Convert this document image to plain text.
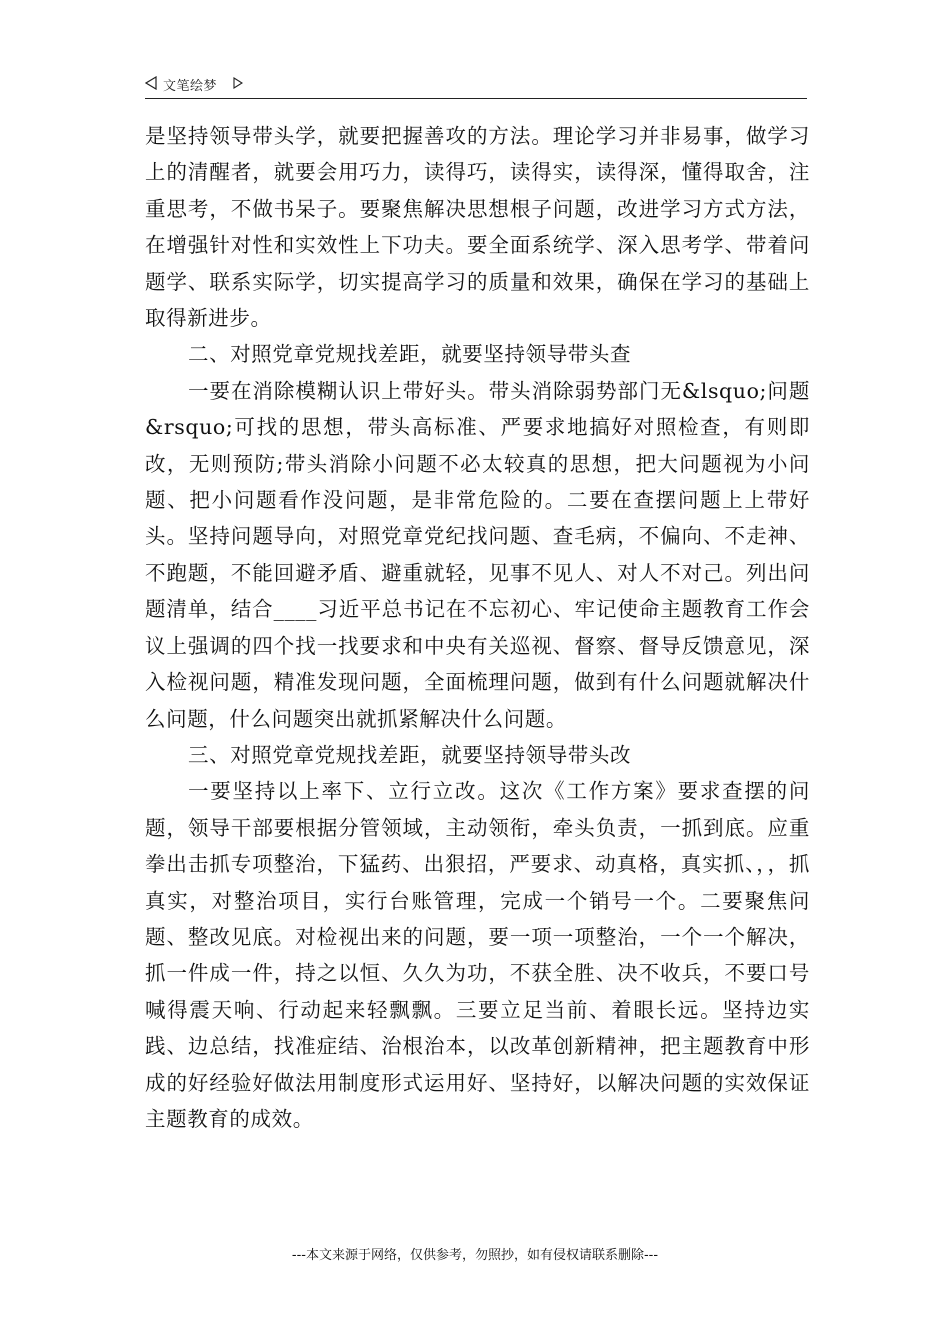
文笔绘梦

是坚持领导带头学，就要把握善攻的方法。理论学习并非易事，做学习上的清醒者，就要会用巧力，读得巧，读得实，读得深，懂得取舍，注重思考，不做书呆子。要聚焦解决思想根子问题，改进学习方式方法，在增强针对性和实效性上下功夫。要全面系统学、深入思考学、带着问题学、联系实际学，切实提高学习的质量和效果，确保在学习的基础上取得新进步。

二、对照党章党规找差距，就要坚持领导带头查

一要在消除模糊认识上带好头。带头消除弱势部门无&lsquo;问题&rsquo;可找的思想，带头高标准、严要求地搞好对照检查，有则即改，无则预防;带头消除小问题不必太较真的思想，把大问题视为小问题、把小问题看作没问题，是非常危险的。二要在查摆问题上上带好头。坚持问题导向，对照党章党纪找问题、查毛病，不偏向、不走神、不跑题，不能回避矛盾、避重就轻，见事不见人、对人不对己。列出问题清单，结合____习近平总书记在不忘初心、牢记使命主题教育工作会议上强调的四个找一找要求和中央有关巡视、督察、督导反馈意见，深入检视问题，精准发现问题，全面梳理问题，做到有什么问题就解决什么问题，什么问题突出就抓紧解决什么问题。

三、对照党章党规找差距，就要坚持领导带头改

一要坚持以上率下、立行立改。这次《工作方案》要求查摆的问题，领导干部要根据分管领域，主动领衔，牵头负责，一抓到底。应重拳出击抓专项整治，下猛药、出狠招，严要求、动真格，真实抓、，，抓真实，对整治项目，实行台账管理，完成一个销号一个。二要聚焦问题、整改见底。对检视出来的问题，要一项一项整治，一个一个解决，抓一件成一件，持之以恒、久久为功，不获全胜、决不收兵，不要口号喊得震天响、行动起来轻飘飘。三要立足当前、着眼长远。坚持边实践、边总结，找准症结、治根治本，以改革创新精神，把主题教育中形成的好经验好做法用制度形式运用好、坚持好，以解决问题的实效保证主题教育的成效。

---本文来源于网络，仅供参考，勿照抄，如有侵权请联系删除---
